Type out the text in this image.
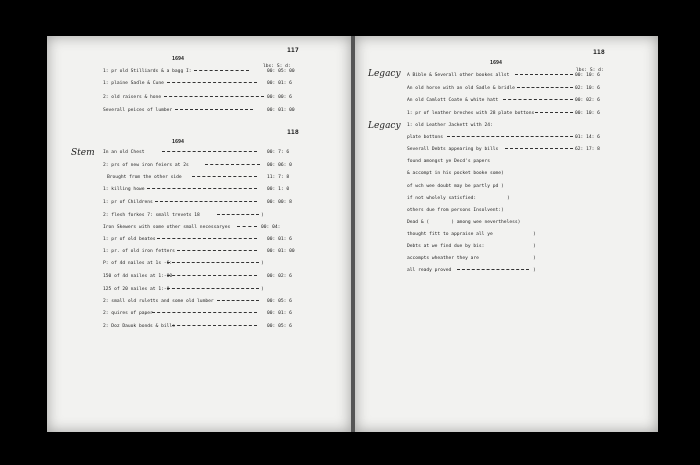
117
1694
lbs: S: d:
1: pr old Stilliards & a bagg I:	00: 05: 00
1: plaine Sadle & Cune	00: 01: 6
2: old raisers & hone	00: 00: 6
Severall peices of lumber	00: 01: 00
118
1694
Stem In an old Chest	00: 7: 6
2: prs of new iron feiers at 2s	00: 06: 0
Brought from the other side	11: 7: 8
1: killing howe	00: 1: 0
1: pr of Childrens	00: 00: 8
2: flesh forkes 7: small trevets 18	)
Iron Skewers with some other small necessaryes	00: 04:
1: pr of old beates	00: 01: 6
1: pr. of old iron fetters	00: 01: 00
P: of 4d nailes at 1s -6:	)
150 of 4d nailes at 1:-00	00: 02: 6
125 of 20 nailes at 1:-0	)
2: small old ruletts and some old lumber	00: 05: 6
2: quires of paper	00: 01: 6
2: Doz Dauok bonds & bills	00: 05: 6
118
1694
lbs: S: d:
Legacy
Legacy
A Bible & Severall other bookes allst	00: 10: 6
An old horse with an old Sadle & bridle	02: 10: 6
An old Camlott Coate & white hatt	00: 02: 6
1: pr of leather breches with 28 plate bottons	00: 10: 6
1: old Leather Jackett with 24:
plate bottons	01: 14: 6
Severall Debts appearing by bills	62: 17: 8
found amongst ye Decd's papers
& accompt in his pocket booke some)
of wch wee doubt may be partly pd )
if not wholely satisfied:	)
others due from persons Insolvent:)
Dead & (        ) among wee nevertheless)
thought fitt to appraise all ye	)
Debts at we find due by bis:	)
accompts wheather they are	)
all ready proved	)
